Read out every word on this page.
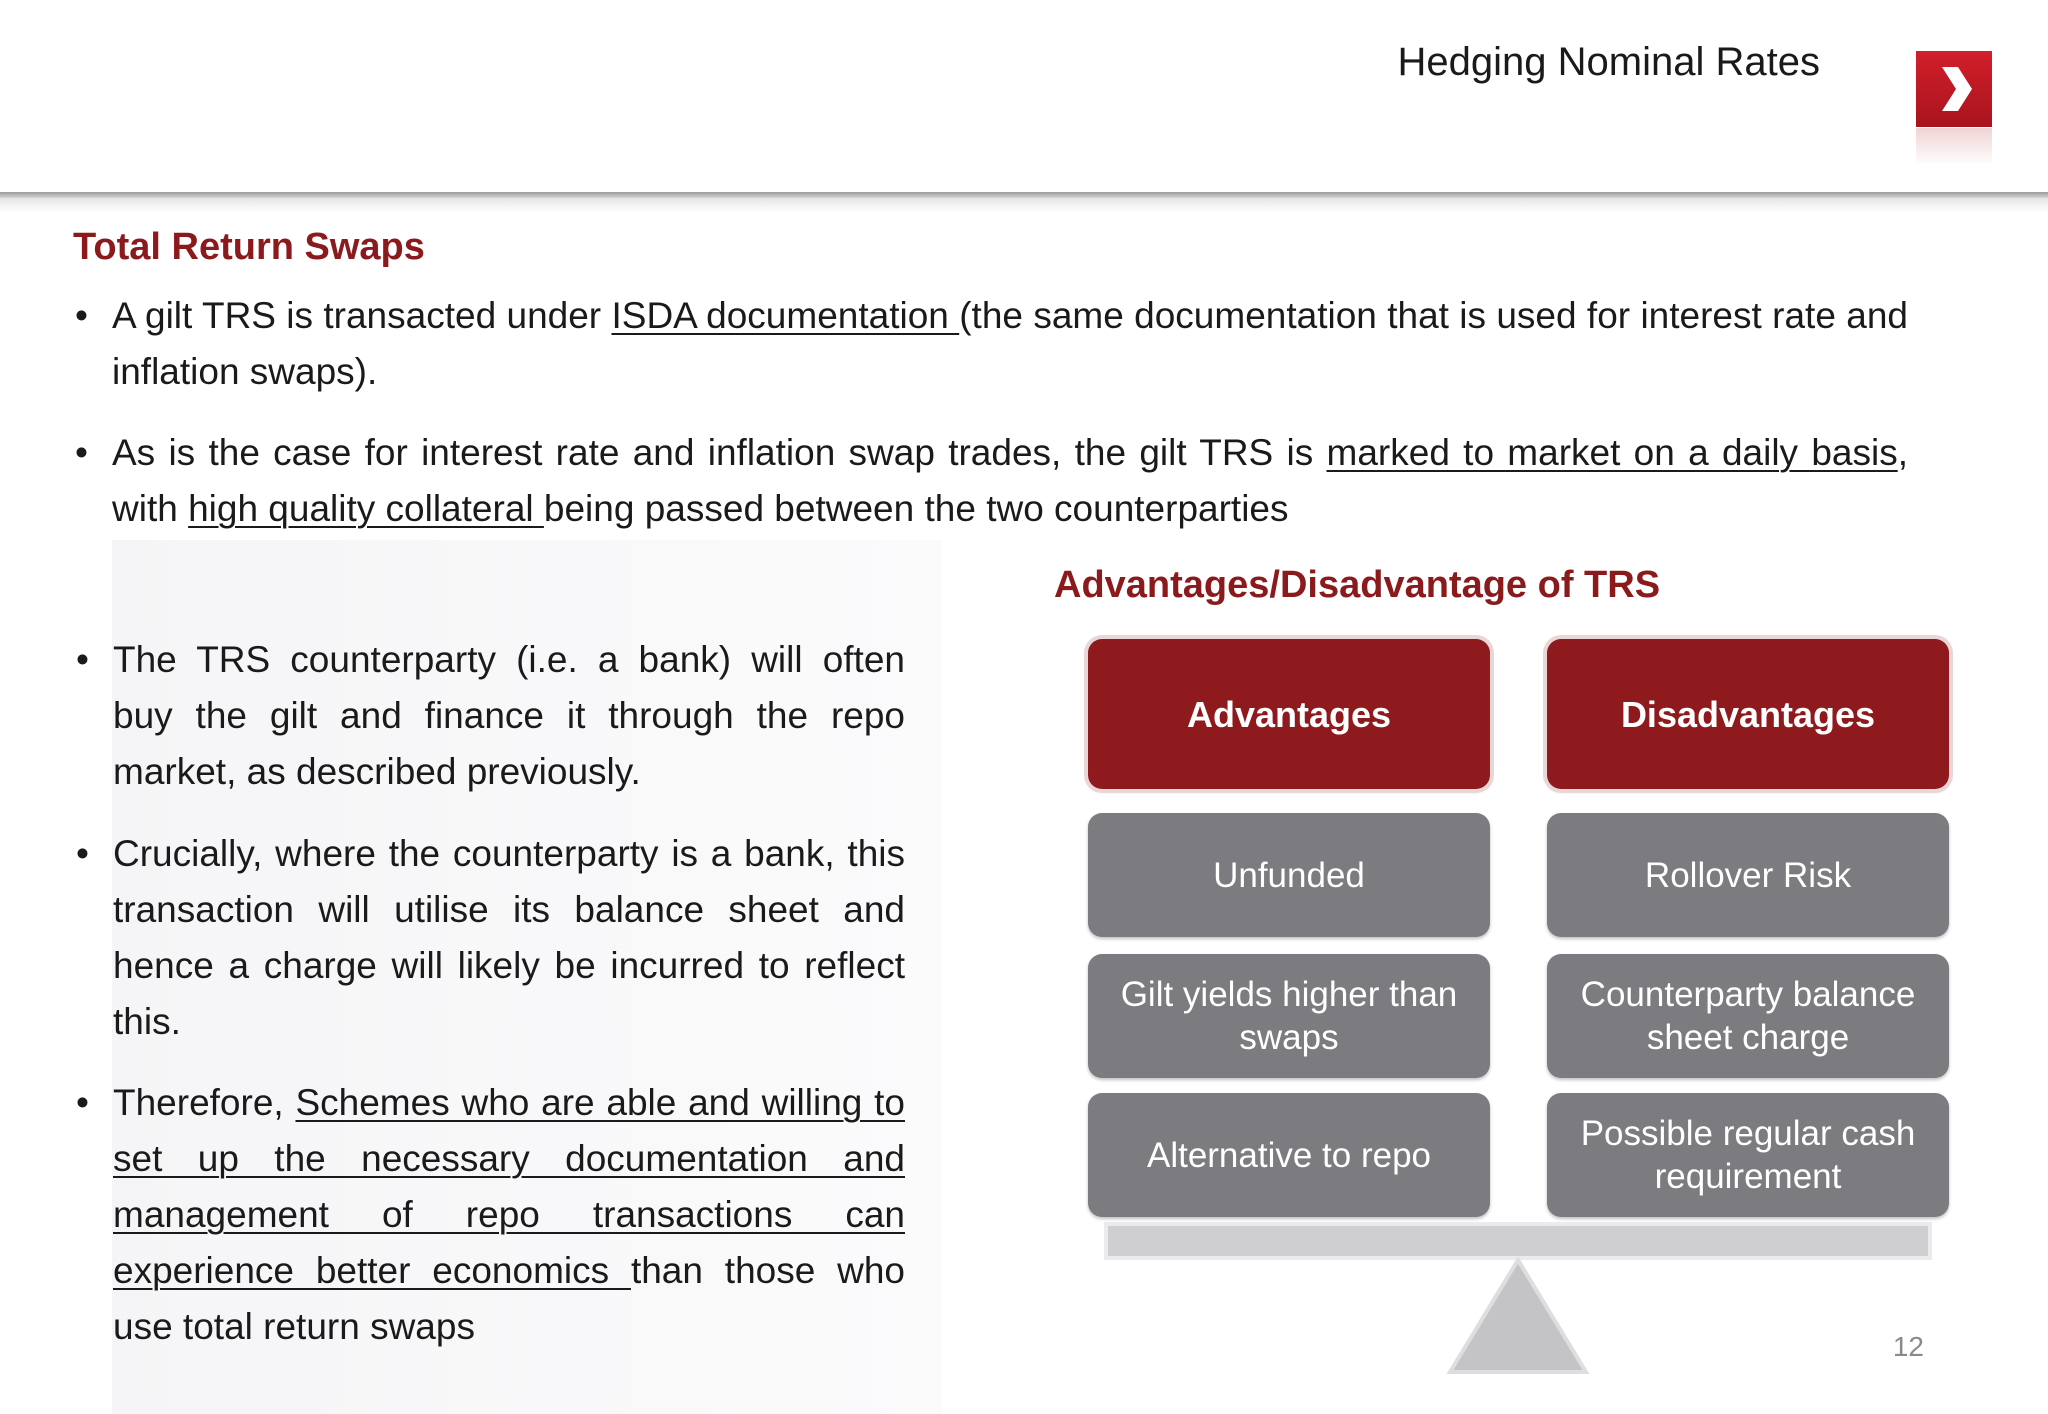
Hedging Nominal Rates
Total Return Swaps
• A gilt TRS is transacted under ISDA documentation (the same documentation that is used for interest rate and inflation swaps).
• As is the case for interest rate and inflation swap trades, the gilt TRS is marked to market on a daily basis, with high quality collateral being passed between the two counterparties
• The TRS counterparty (i.e. a bank) will often buy the gilt and finance it through the repo market, as described previously.
• Crucially, where the counterparty is a bank, this transaction will utilise its balance sheet and hence a charge will likely be incurred to reflect this.
• Therefore, Schemes who are able and willing to set up the necessary documentation and management of repo transactions can experience better economics than those who use total return swaps
Advantages/Disadvantage of TRS
Advantages	Disadvantages
Unfunded
Gilt yields higher than swaps
Alternative to repo
Rollover Risk
Counterparty balance sheet charge
Possible regular cash requirement
12
